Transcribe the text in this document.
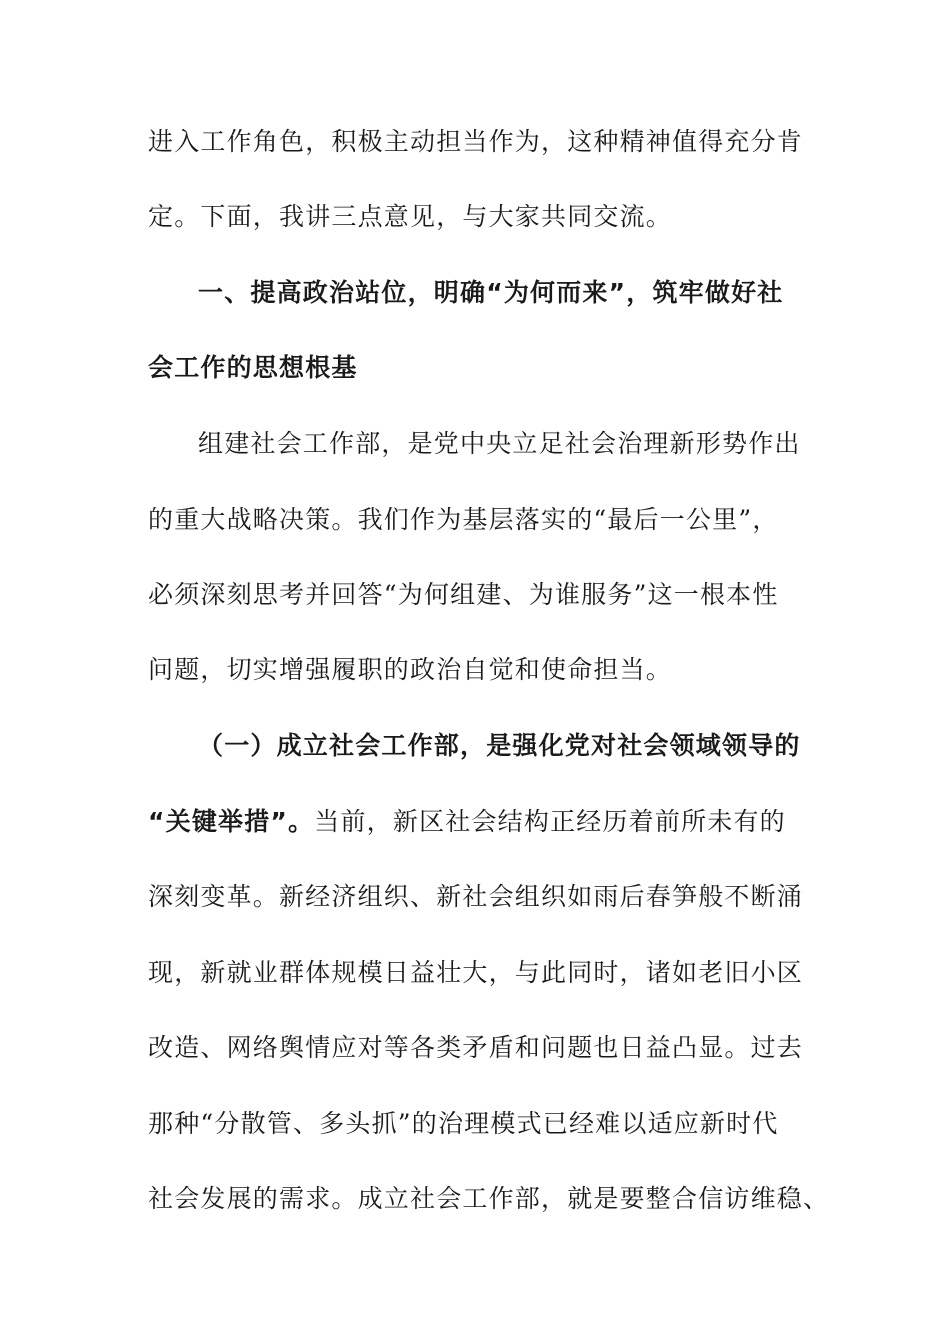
进入工作角色，积极主动担当作为，这种精神值得充分肯
定。下面，我讲三点意见，与大家共同交流。
一、提高政治站位，明确“为何而来”，筑牢做好社
会工作的思想根基
组建社会工作部，是党中央立足社会治理新形势作出
的重大战略决策。我们作为基层落实的“最后一公里”，
必须深刻思考并回答“为何组建、为谁服务”这一根本性
问题，切实增强履职的政治自觉和使命担当。
（一）成立社会工作部，是强化党对社会领域领导的
“关键举措”。当前，新区社会结构正经历着前所未有的
深刻变革。新经济组织、新社会组织如雨后春笋般不断涌
现，新就业群体规模日益壮大，与此同时，诸如老旧小区
改造、网络舆情应对等各类矛盾和问题也日益凸显。过去
那种“分散管、多头抓”的治理模式已经难以适应新时代
社会发展的需求。成立社会工作部，就是要整合信访维稳、
